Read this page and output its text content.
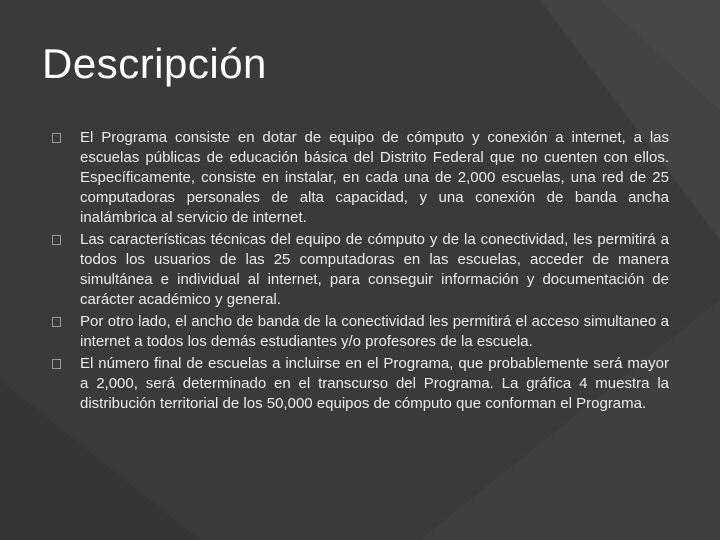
Descripción
El Programa consiste en dotar de equipo de cómputo y conexión a internet, a las escuelas públicas de educación básica del Distrito Federal que no cuenten con ellos. Específicamente, consiste en instalar, en cada una de 2,000 escuelas, una red de 25 computadoras personales de alta capacidad, y una conexión de banda ancha inalámbrica al servicio de internet.
Las características técnicas del equipo de cómputo y de la conectividad, les permitirá a todos los usuarios de las 25 computadoras en las escuelas, acceder de manera simultánea e individual al internet, para conseguir información y documentación de carácter académico y general.
Por otro lado, el ancho de banda de la conectividad les permitirá el acceso simultaneo a internet a todos los demás estudiantes y/o profesores de la escuela.
El número final de escuelas a incluirse en el Programa, que probablemente será mayor a 2,000, será determinado en el transcurso del Programa. La gráfica 4 muestra la distribución territorial de los 50,000 equipos de cómputo que conforman el Programa.
